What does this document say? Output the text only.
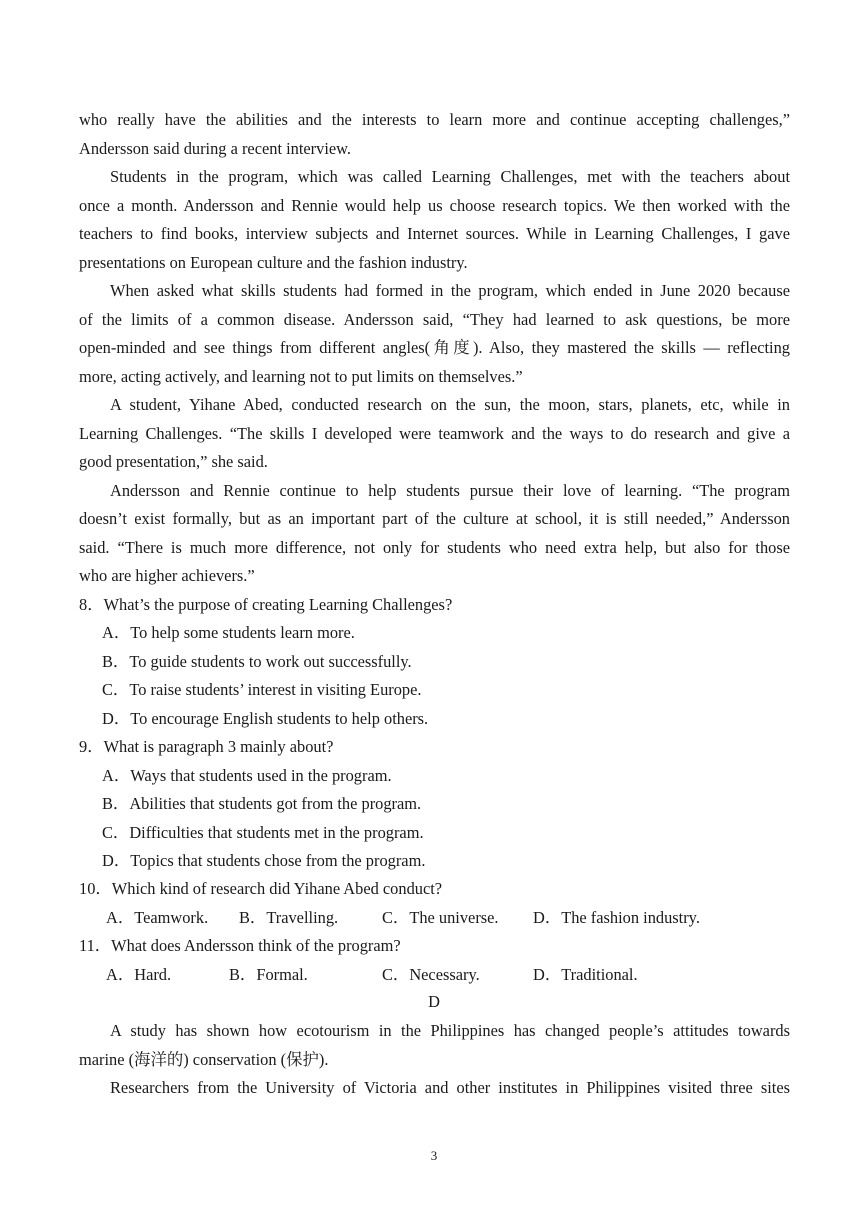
who really have the abilities and the interests to learn more and continue accepting challenges,”
Andersson said during a recent interview.
Students in the program, which was called Learning Challenges, met with the teachers about
once a month. Andersson and Rennie would help us choose research topics. We then worked with the
teachers to find books, interview subjects and Internet sources. While in Learning Challenges, I gave
presentations on European culture and the fashion industry.
When asked what skills students had formed in the program, which ended in June 2020 because
of the limits of a common disease. Andersson said, “They had learned to ask questions, be more
open-minded and see things from different angles(角度). Also, they mastered the skills — reflecting
more, acting actively, and learning not to put limits on themselves.”
A student, Yihane Abed, conducted research on the sun, the moon, stars, planets, etc, while in
Learning Challenges. “The skills I developed were teamwork and the ways to do research and give a
good presentation,” she said.
Andersson and Rennie continue to help students pursue their love of learning. “The program
doesn’t exist formally, but as an important part of the culture at school, it is still needed,” Andersson
said. “There is much more difference, not only for students who need extra help, but also for those
who are higher achievers.”
8．What’s the purpose of creating Learning Challenges?
A．To help some students learn more.
B．To guide students to work out successfully.
C．To raise students’ interest in visiting Europe.
D．To encourage English students to help others.
9．What is paragraph 3 mainly about?
A．Ways that students used in the program.
B．Abilities that students got from the program.
C．Difficulties that students met in the program.
D．Topics that students chose from the program.
10．Which kind of research did Yihane Abed conduct?
A．Teamwork. B．Travelling.	C．The universe. D．The fashion industry.
11．What does Andersson think of the program?
A．Hard.	B．Formal.	C．Necessary.	D．Traditional.
D
A study has shown how ecotourism in the Philippines has changed people’s attitudes towards
marine (海洋的) conservation (保护).
Researchers from the University of Victoria and other institutes in Philippines visited three sites
3
